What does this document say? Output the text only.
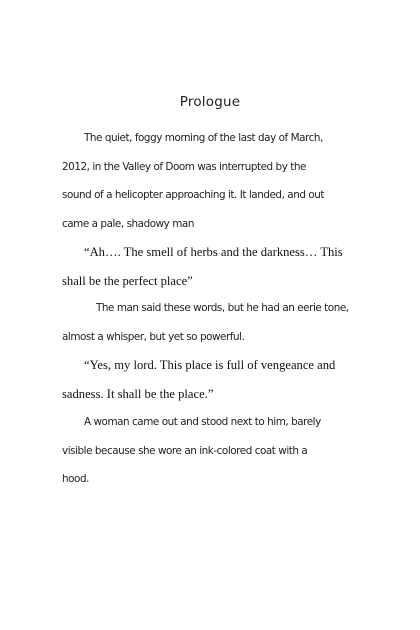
Prologue
The quiet, foggy morning of the last day of March,
2012, in the Valley of Doom was interrupted by the
sound of a helicopter approaching it. It landed, and out
came a pale, shadowy man
“Ah…. The smell of herbs and the darkness… This
shall be the perfect place”
The man said these words, but he had an eerie tone,
almost a whisper, but yet so powerful.
“Yes, my lord. This place is full of vengeance and
sadness. It shall be the place.”
A woman came out and stood next to him, barely
visible because she wore an ink-colored coat with a
hood.
